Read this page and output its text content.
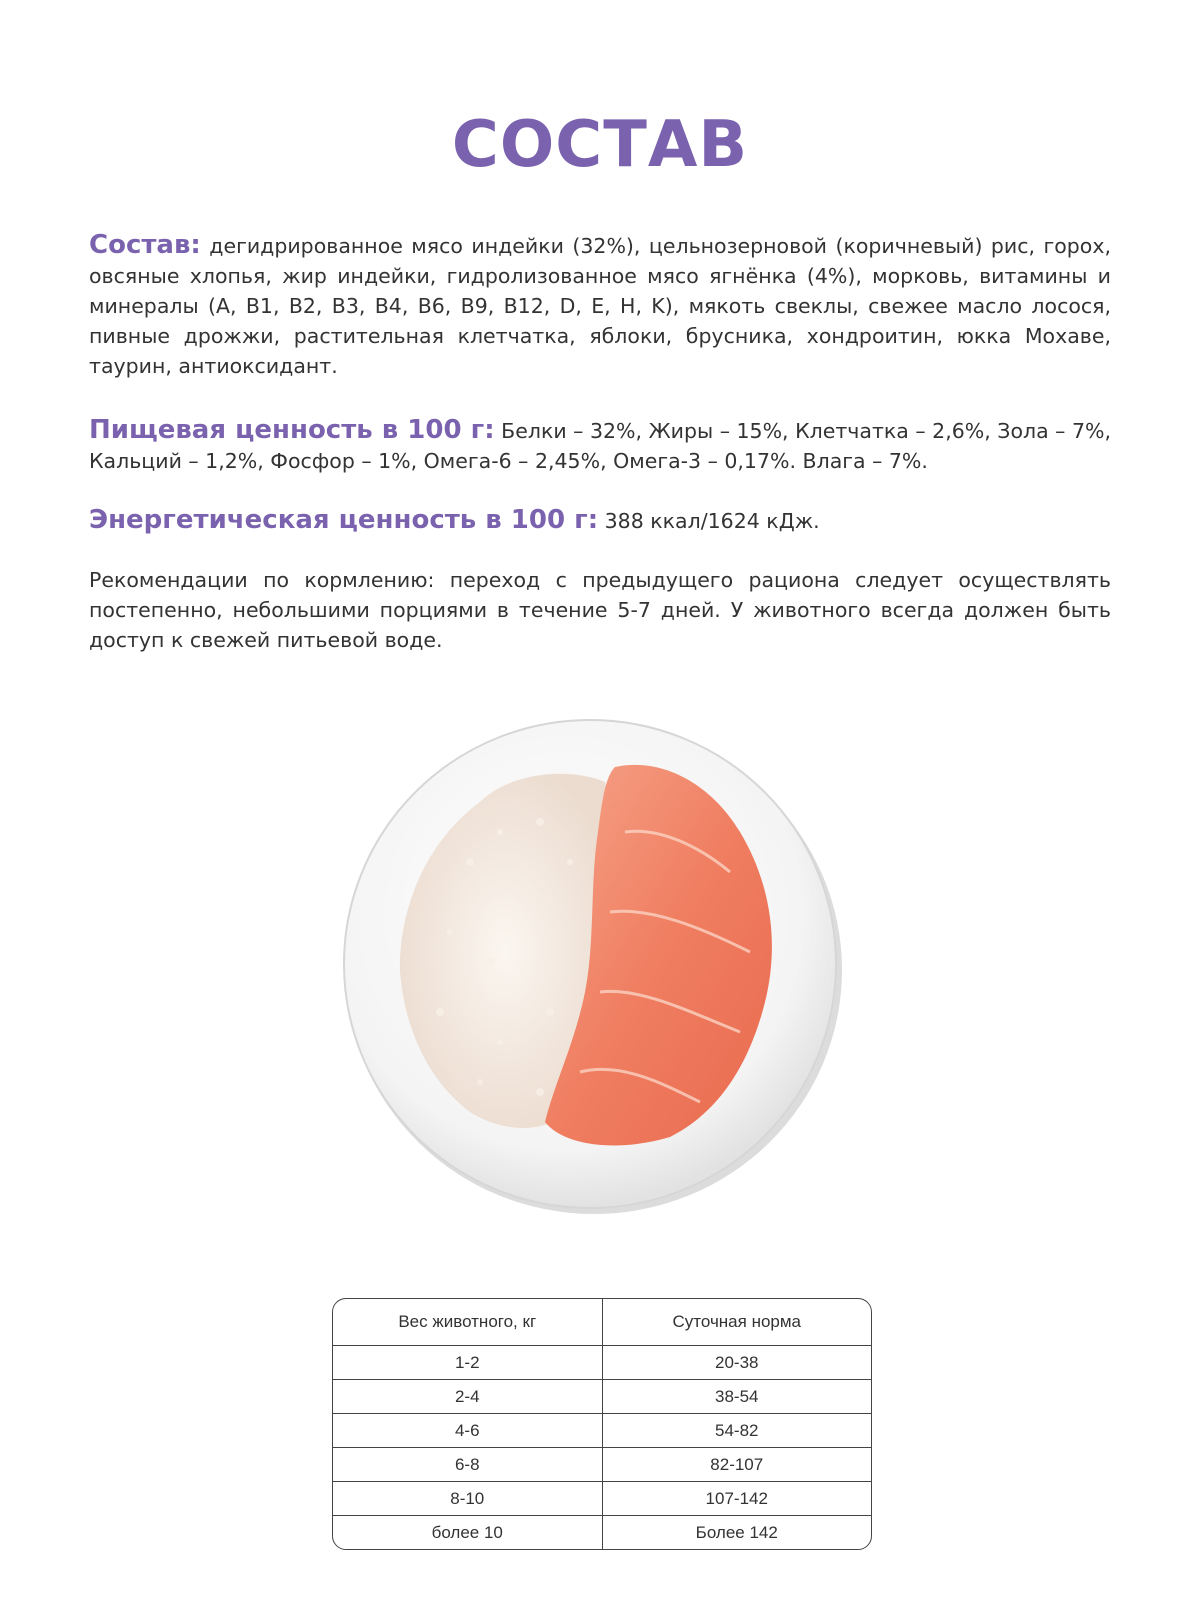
СОСТАВ

Состав: дегидрированное мясо индейки (32%), цельнозерновой (коричневый) рис, горох, овсяные хлопья, жир индейки, гидролизованное мясо ягнёнка (4%), морковь, витамины и минералы (A, B1, B2, B3, B4, B6, B9, B12, D, E, H, K), мякоть свеклы, свежее масло лосося, пивные дрожжи, растительная клетчатка, яблоки, брусника, хондроитин, юкка Мохаве, таурин, антиоксидант.

Пищевая ценность в 100 г: Белки – 32%, Жиры – 15%, Клетчатка – 2,6%, Зола – 7%, Кальций – 1,2%, Фосфор – 1%, Омега-6 – 2,45%, Омега-3 – 0,17%. Влага – 7%.

Энергетическая ценность в 100 г: 388 ккал/1624 кДж.

Рекомендации по кормлению: переход с предыдущего рациона следует осуществлять постепенно, небольшими порциями в течение 5-7 дней. У животного всегда должен быть доступ к свежей питьевой воде.

Вес животного, кг	Суточная норма
1-2	20-38
2-4	38-54
4-6	54-82
6-8	82-107
8-10	107-142
более 10	Более 142
